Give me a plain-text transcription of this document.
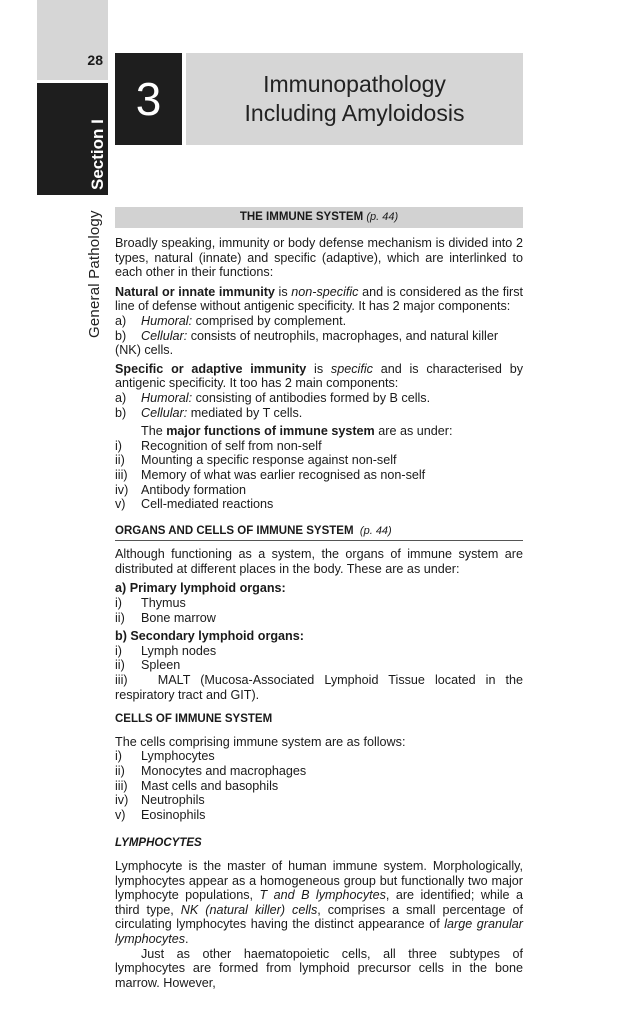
28
Section I
General Pathology
3	Immunopathology
Including Amyloidosis
THE IMMUNE SYSTEM (p. 44)

Broadly speaking, immunity or body defense mechanism is divided into 2 types, natural (innate) and specific (adaptive), which are interlinked to each other in their functions:

Natural or innate immunity is non-specific and is considered as the first line of defense without antigenic specificity. It has 2 major components:

a)	Humoral: comprised by complement.
b) Cellular: consists of neutrophils, macrophages, and natural killer (NK) cells.

Specific or adaptive immunity is specific and is characterised by antigenic specificity. It too has 2 main components:

a)	Humoral: consisting of antibodies formed by B cells.
b)	Cellular: mediated by T cells.
The major functions of immune system are as under:
i)	Recognition of self from non-self
ii)	Mounting a specific response against non-self
iii)	Memory of what was earlier recognised as non-self
iv)	Antibody formation
v)	Cell-mediated reactions
ORGANS AND CELLS OF IMMUNE SYSTEM (p. 44)

Although functioning as a system, the organs of immune system are distributed at different places in the body. These are as under:

a) Primary lymphoid organs:
i)	Thymus
ii)	Bone marrow
b) Secondary lymphoid organs:
i)	Lymph nodes
ii)	Spleen

iii)   MALT (Mucosa-Associated Lymphoid Tissue located in the respiratory tract and GIT).

CELLS OF IMMUNE SYSTEM
The cells comprising immune system are as follows:
i)	Lymphocytes
ii)	Monocytes and macrophages
iii)	Mast cells and basophils
iv)	Neutrophils
v)	Eosinophils
LYMPHOCYTES

Lymphocyte is the master of human immune system. Morphologically, lymphocytes appear as a homogeneous group but functionally two major lymphocyte populations, T and B lymphocytes, are identified; while a third type, NK (natural killer) cells, comprises a small percentage of circulating lymphocytes having the distinct appearance of large granular lymphocytes.

Just as other haematopoietic cells, all three subtypes of lymphocytes are formed from lymphoid precursor cells in the bone marrow. However,
